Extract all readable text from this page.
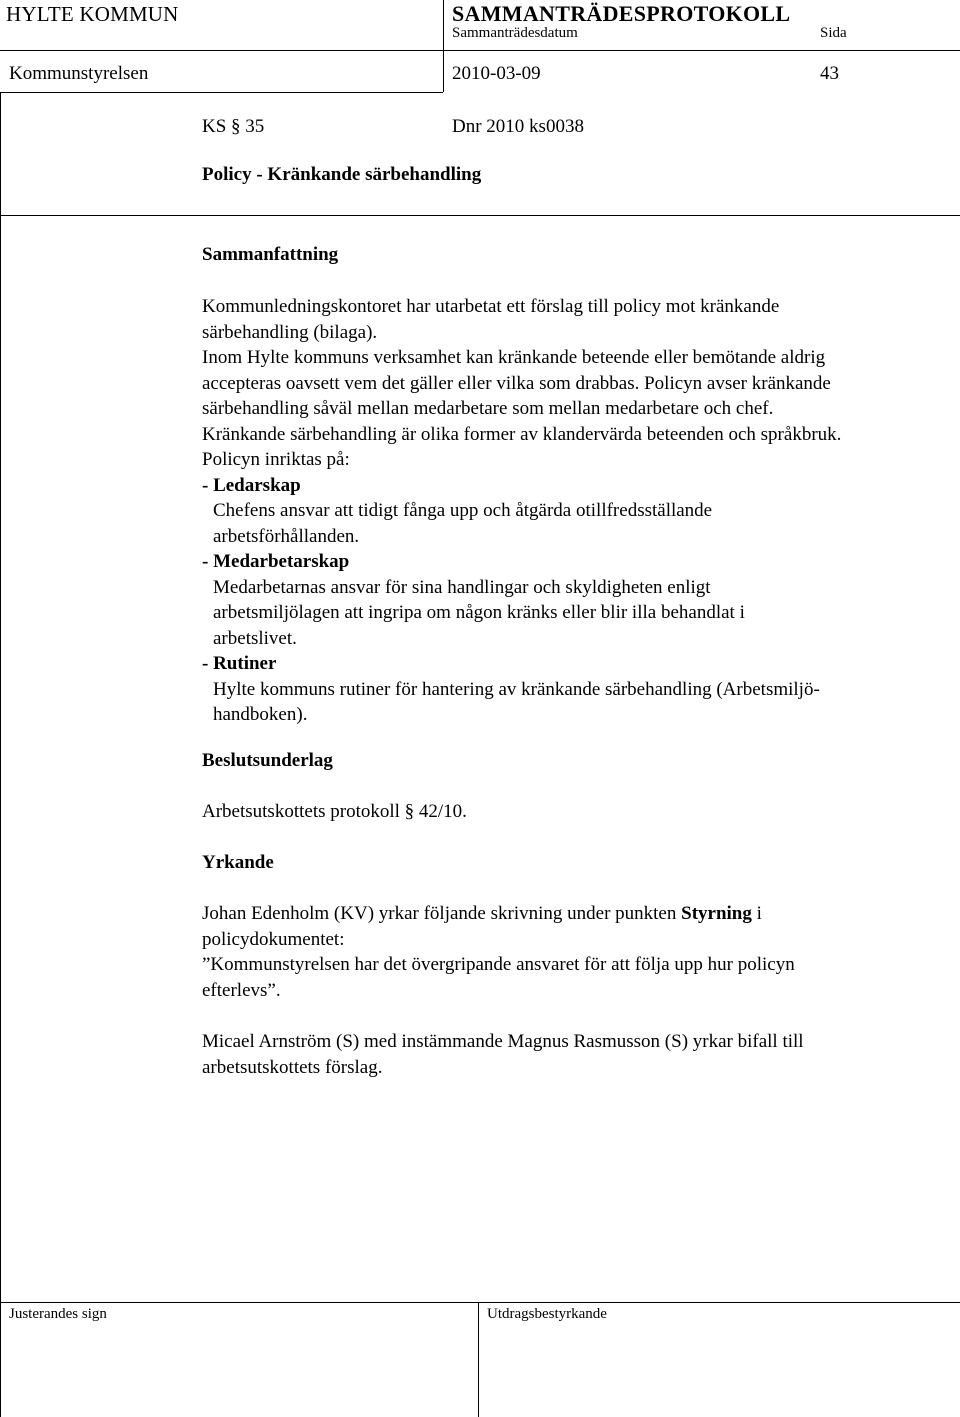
HYLTE KOMMUN	SAMMANTRÄDESPROTOKOLL
Sammanträdesdatum	Sida
Kommunstyrelsen	2010-03-09	43
KS § 35	Dnr 2010 ks0038
Policy - Kränkande särbehandling
Sammanfattning
Kommunledningskontoret har utarbetat ett förslag till policy mot kränkande
särbehandling (bilaga).
Inom Hylte kommuns verksamhet kan kränkande beteende eller bemötande aldrig
accepteras oavsett vem det gäller eller vilka som drabbas. Policyn avser kränkande
särbehandling såväl mellan medarbetare som mellan medarbetare och chef.
Kränkande särbehandling är olika former av klandervärda beteenden och språkbruk.
Policyn inriktas på:
- Ledarskap
Chefens ansvar att tidigt fånga upp och åtgärda otillfredsställande
arbetsförhållanden.
- Medarbetarskap
Medarbetarnas ansvar för sina handlingar och skyldigheten enligt
arbetsmiljölagen att ingripa om någon kränks eller blir illa behandlat i
arbetslivet.
- Rutiner
Hylte kommuns rutiner för hantering av kränkande särbehandling (Arbetsmiljö-
handboken).
Beslutsunderlag
Arbetsutskottets protokoll § 42/10.
Yrkande
Johan Edenholm (KV) yrkar följande skrivning under punkten Styrning i
policydokumentet:
”Kommunstyrelsen har det övergripande ansvaret för att följa upp hur policyn
efterlevs”.
Micael Arnström (S) med instämmande Magnus Rasmusson (S) yrkar bifall till
arbetsutskottets förslag.
Justerandes sign	Utdragsbestyrkande
